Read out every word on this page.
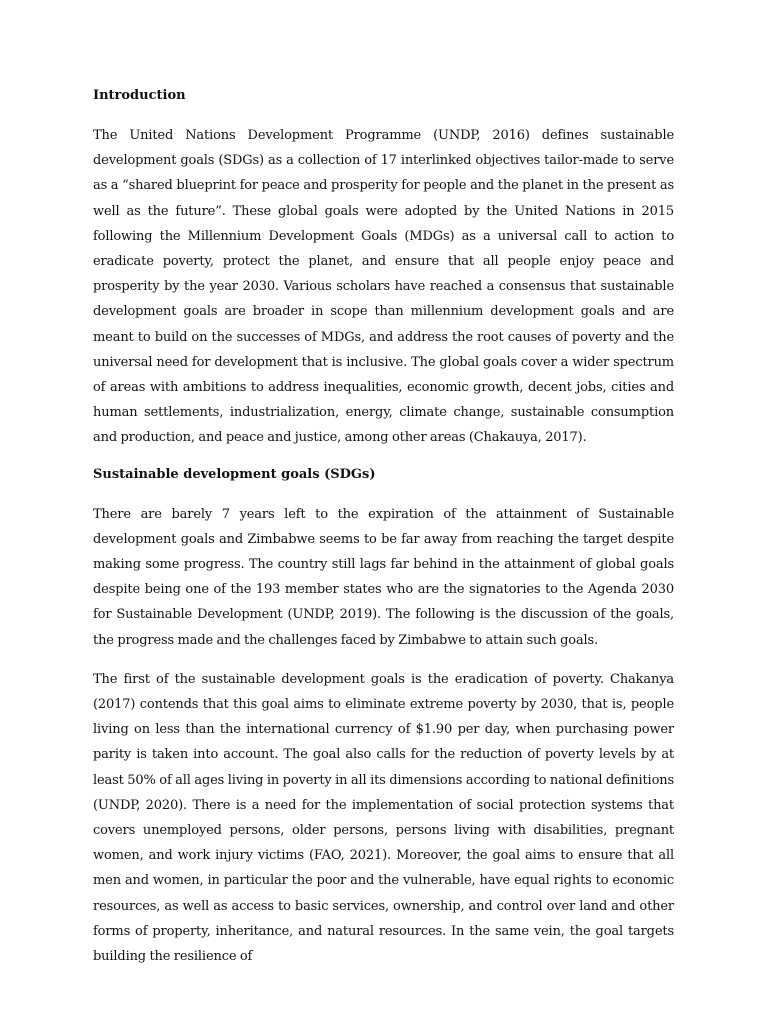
Introduction

The United Nations Development Programme (UNDP, 2016) defines sustainable development goals (SDGs) as a collection of 17 interlinked objectives tailor-made to serve as a “shared blueprint for peace and prosperity for people and the planet in the present as well as the future”. These global goals were adopted by the United Nations in 2015 following the Millennium Development Goals (MDGs) as a universal call to action to eradicate poverty, protect the planet, and ensure that all people enjoy peace and prosperity by the year 2030. Various scholars have reached a consensus that sustainable development goals are broader in scope than millennium development goals and are meant to build on the successes of MDGs, and address the root causes of poverty and the universal need for development that is inclusive. The global goals cover a wider spectrum of areas with ambitions to address inequalities, economic growth, decent jobs, cities and human settlements, industrialization, energy, climate change, sustainable consumption and production, and peace and justice, among other areas (Chakauya, 2017).

Sustainable development goals (SDGs)

There are barely 7 years left to the expiration of the attainment of Sustainable development goals and Zimbabwe seems to be far away from reaching the target despite making some progress. The country still lags far behind in the attainment of global goals despite being one of the 193 member states who are the signatories to the Agenda 2030 for Sustainable Development (UNDP, 2019). The following is the discussion of the goals, the progress made and the challenges faced by Zimbabwe to attain such goals.

The first of the sustainable development goals is the eradication of poverty. Chakanya (2017) contends that this goal aims to eliminate extreme poverty by 2030, that is, people living on less than the international currency of $1.90 per day, when purchasing power parity is taken into account. The goal also calls for the reduction of poverty levels by at least 50% of all ages living in poverty in all its dimensions according to national definitions (UNDP, 2020). There is a need for the implementation of social protection systems that covers unemployed persons, older persons, persons living with disabilities, pregnant women, and work injury victims (FAO, 2021). Moreover, the goal aims to ensure that all men and women, in particular the poor and the vulnerable, have equal rights to economic resources, as well as access to basic services, ownership, and control over land and other forms of property, inheritance, and natural resources. In the same vein, the goal targets building the resilience of
